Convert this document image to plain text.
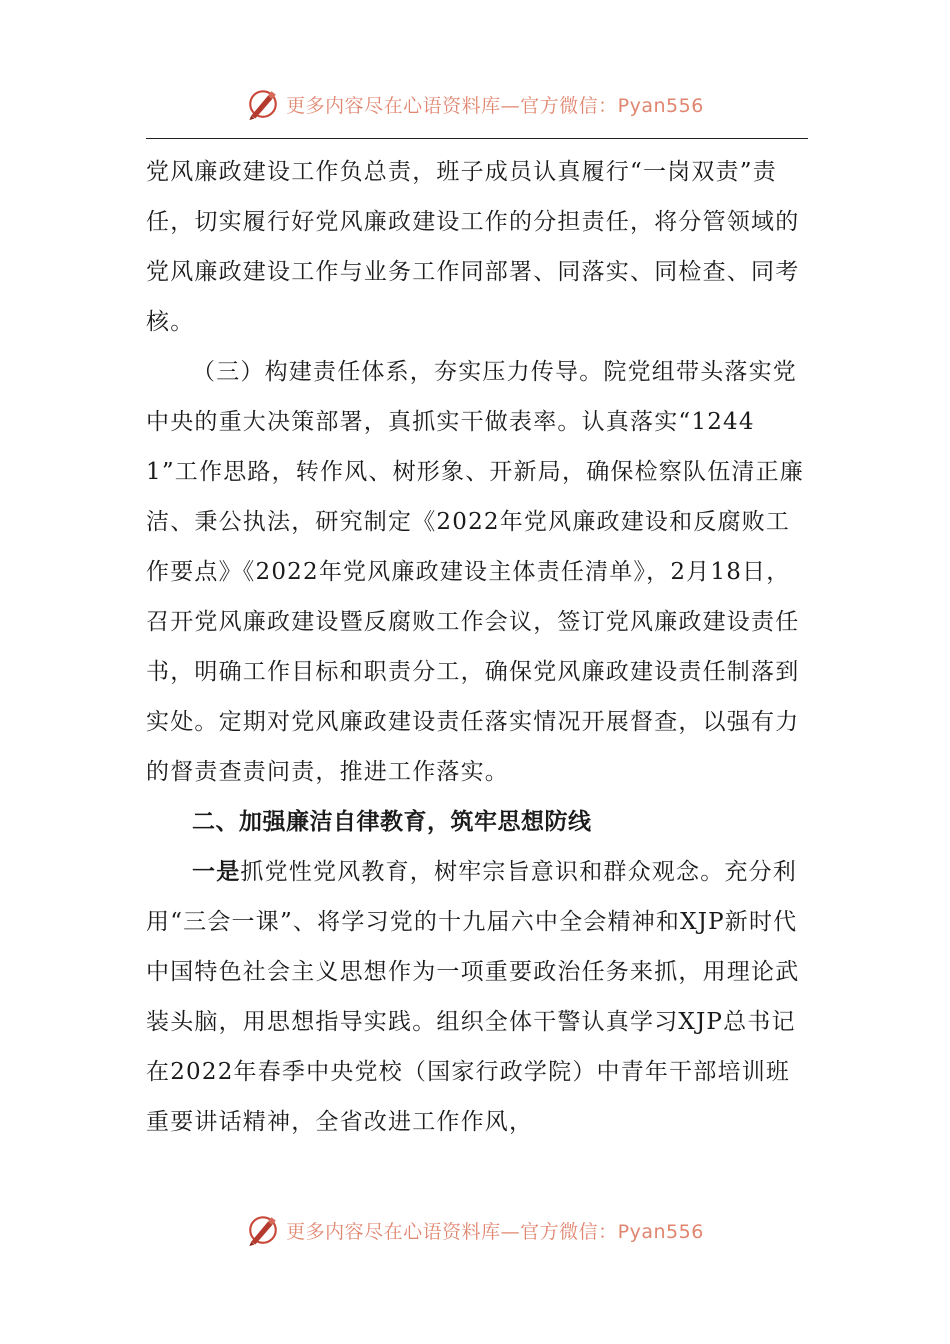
更多内容尽在心语资料库—官方微信：Pyan556

党风廉政建设工作负总责，班子成员认真履行“一岗双责”责任，切实履行好党风廉政建设工作的分担责任，将分管领域的党风廉政建设工作与业务工作同部署、同落实、同检查、同考核。

（三）构建责任体系，夯实压力传导。院党组带头落实党中央的重大决策部署，真抓实干做表率。认真落实“12441”工作思路，转作风、树形象、开新局，确保检察队伍清正廉洁、秉公执法，研究制定《2022年党风廉政建设和反腐败工作要点》《2022年党风廉政建设主体责任清单》，2月18日，召开党风廉政建设暨反腐败工作会议，签订党风廉政建设责任书，明确工作目标和职责分工，确保党风廉政建设责任制落到实处。定期对党风廉政建设责任落实情况开展督查，以强有力的督责查责问责，推进工作落实。

二、加强廉洁自律教育，筑牢思想防线

一是抓党性党风教育，树牢宗旨意识和群众观念。充分利用“三会一课”、将学习党的十九届六中全会精神和XJP新时代中国特色社会主义思想作为一项重要政治任务来抓，用理论武装头脑，用思想指导实践。组织全体干警认真学习XJP总书记在2022年春季中央党校（国家行政学院）中青年干部培训班重要讲话精神，全省改进工作作风，

更多内容尽在心语资料库—官方微信：Pyan556
